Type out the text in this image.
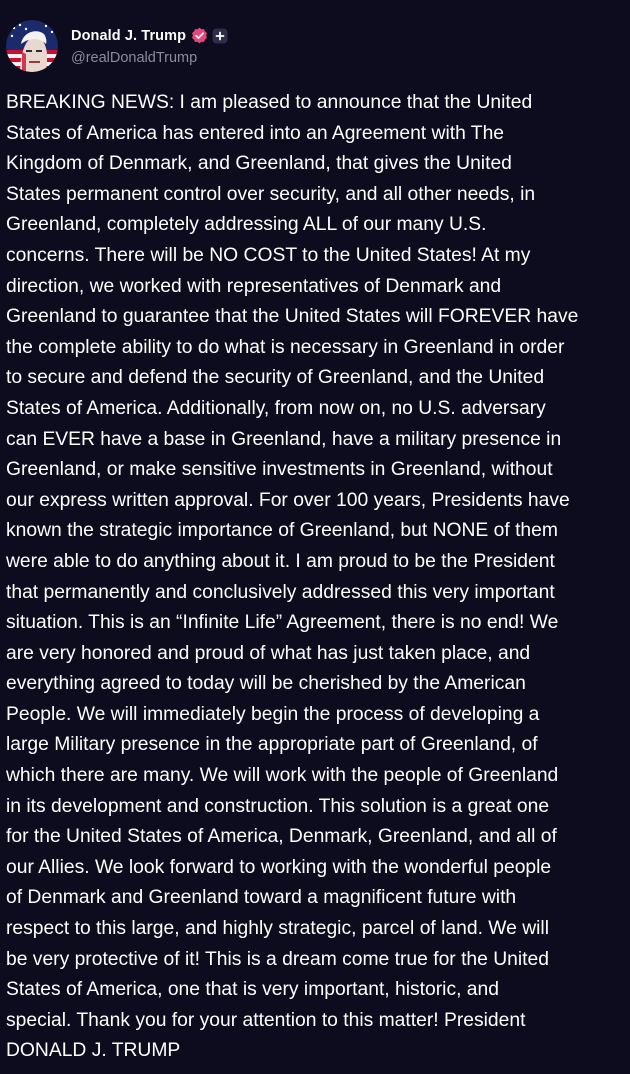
Donald J. Trump
@realDonaldTrump

BREAKING NEWS: I am pleased to announce that the United
States of America has entered into an Agreement with The
Kingdom of Denmark, and Greenland, that gives the United
States permanent control over security, and all other needs, in
Greenland, completely addressing ALL of our many U.S.
concerns. There will be NO COST to the United States! At my
direction, we worked with representatives of Denmark and
Greenland to guarantee that the United States will FOREVER have
the complete ability to do what is necessary in Greenland in order
to secure and defend the security of Greenland, and the United
States of America. Additionally, from now on, no U.S. adversary
can EVER have a base in Greenland, have a military presence in
Greenland, or make sensitive investments in Greenland, without
our express written approval. For over 100 years, Presidents have
known the strategic importance of Greenland, but NONE of them
were able to do anything about it. I am proud to be the President
that permanently and conclusively addressed this very important
situation. This is an “Infinite Life” Agreement, there is no end! We
are very honored and proud of what has just taken place, and
everything agreed to today will be cherished by the American
People. We will immediately begin the process of developing a
large Military presence in the appropriate part of Greenland, of
which there are many. We will work with the people of Greenland
in its development and construction. This solution is a great one
for the United States of America, Denmark, Greenland, and all of
our Allies. We look forward to working with the wonderful people
of Denmark and Greenland toward a magnificent future with
respect to this large, and highly strategic, parcel of land. We will
be very protective of it! This is a dream come true for the United
States of America, one that is very important, historic, and
special. Thank you for your attention to this matter! President
DONALD J. TRUMP
